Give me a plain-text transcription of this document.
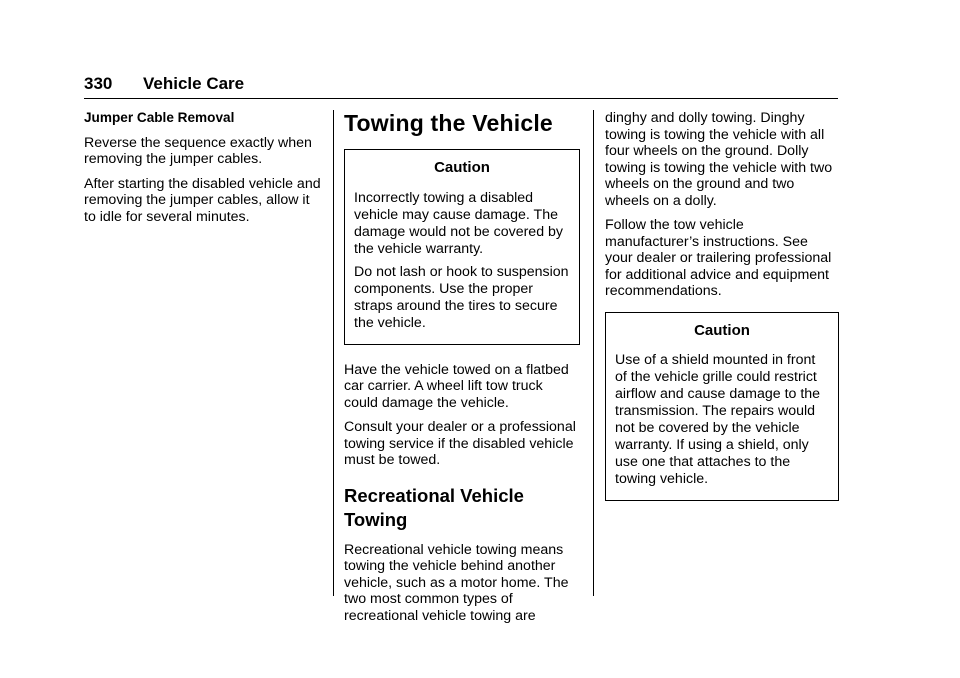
330 Vehicle Care
Jumper Cable Removal

Reverse the sequence exactly when removing the jumper cables.

After starting the disabled vehicle and removing the jumper cables, allow it to idle for several minutes.

Towing the Vehicle
Caution

Incorrectly towing a disabled vehicle may cause damage. The damage would not be covered by the vehicle warranty.

Do not lash or hook to suspension components. Use the proper straps around the tires to secure the vehicle.

Have the vehicle towed on a flatbed car carrier. A wheel lift tow truck could damage the vehicle.

Consult your dealer or a professional towing service if the disabled vehicle must be towed.

Recreational Vehicle Towing

Recreational vehicle towing means towing the vehicle behind another vehicle, such as a motor home. The two most common types of recreational vehicle towing are

dinghy and dolly towing. Dinghy towing is towing the vehicle with all four wheels on the ground. Dolly towing is towing the vehicle with two wheels on the ground and two wheels on a dolly.

Follow the tow vehicle manufacturer’s instructions. See your dealer or trailering professional for additional advice and equipment recommendations.

Caution

Use of a shield mounted in front of the vehicle grille could restrict airflow and cause damage to the transmission. The repairs would not be covered by the vehicle warranty. If using a shield, only use one that attaches to the towing vehicle.
